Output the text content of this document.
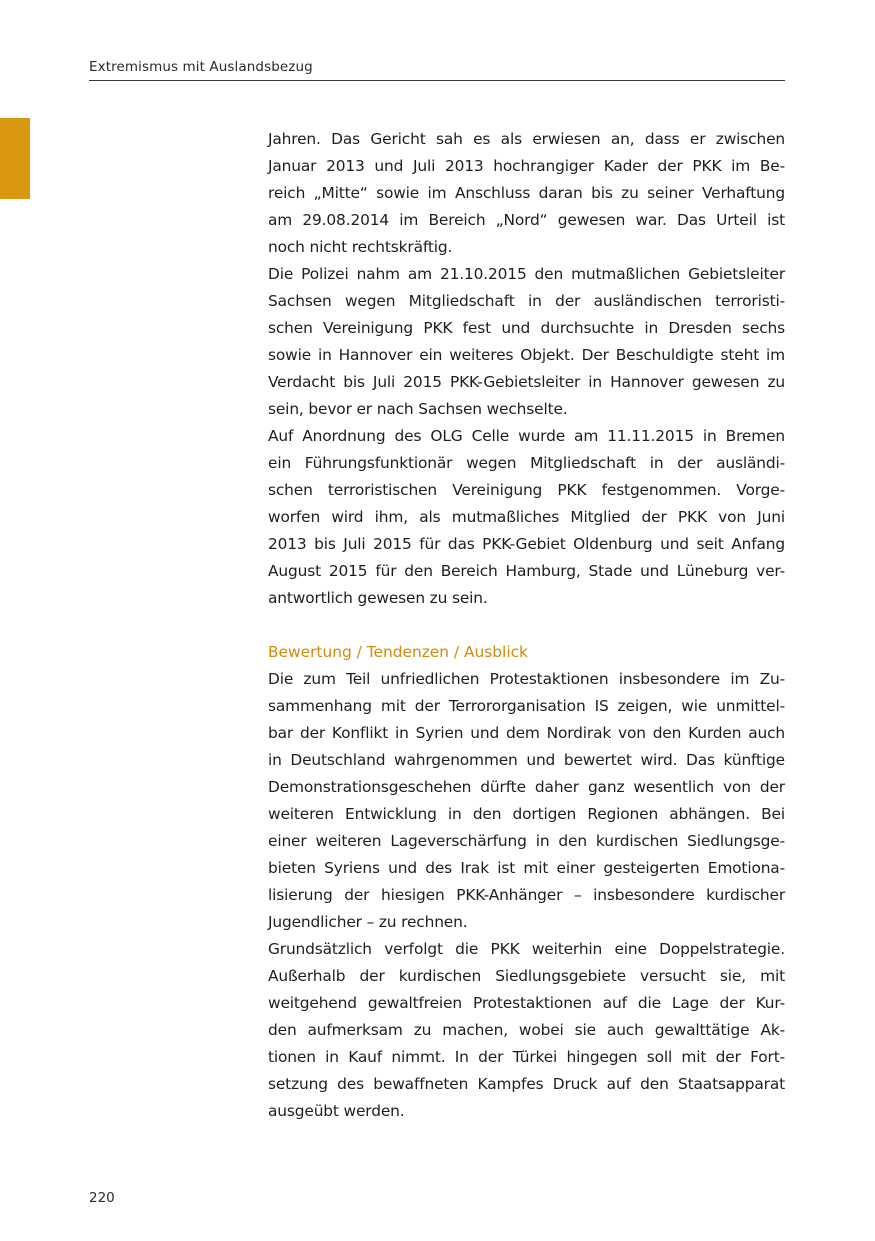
Extremismus mit Auslandsbezug

Jahren. Das Gericht sah es als erwiesen an, dass er zwischen
Januar 2013 und Juli 2013 hochrangiger Kader der PKK im Be-
reich „Mitte“ sowie im Anschluss daran bis zu seiner Verhaftung
am 29.08.2014 im Bereich „Nord“ gewesen war. Das Urteil ist
noch nicht rechtskräftig.

Die Polizei nahm am 21.10.2015 den mutmaßlichen Gebietsleiter
Sachsen wegen Mitgliedschaft in der ausländischen terroristi-
schen Vereinigung PKK fest und durchsuchte in Dresden sechs
sowie in Hannover ein weiteres Objekt. Der Beschuldigte steht im
Verdacht bis Juli 2015 PKK-Gebietsleiter in Hannover gewesen zu
sein, bevor er nach Sachsen wechselte.

Auf Anordnung des OLG Celle wurde am 11.11.2015 in Bremen
ein Führungsfunktionär wegen Mitgliedschaft in der ausländi-
schen terroristischen Vereinigung PKK festgenommen. Vorge-
worfen wird ihm, als mutmaßliches Mitglied der PKK von Juni
2013 bis Juli 2015 für das PKK-Gebiet Oldenburg und seit Anfang
August 2015 für den Bereich Hamburg, Stade und Lüneburg ver-
antwortlich gewesen zu sein.

Bewertung / Tendenzen / Ausblick

Die zum Teil unfriedlichen Protestaktionen insbesondere im Zu-
sammenhang mit der Terrororganisation IS zeigen, wie unmittel-
bar der Konflikt in Syrien und dem Nordirak von den Kurden auch
in Deutschland wahrgenommen und bewertet wird. Das künftige
Demonstrationsgeschehen dürfte daher ganz wesentlich von der
weiteren Entwicklung in den dortigen Regionen abhängen. Bei
einer weiteren Lageverschärfung in den kurdischen Siedlungsge-
bieten Syriens und des Irak ist mit einer gesteigerten Emotiona-
lisierung der hiesigen PKK-Anhänger – insbesondere kurdischer
Jugendlicher – zu rechnen.

Grundsätzlich verfolgt die PKK weiterhin eine Doppelstrategie.
Außerhalb der kurdischen Siedlungsgebiete versucht sie, mit
weitgehend gewaltfreien Protestaktionen auf die Lage der Kur-
den aufmerksam zu machen, wobei sie auch gewalttätige Ak-
tionen in Kauf nimmt. In der Türkei hingegen soll mit der Fort-
setzung des bewaffneten Kampfes Druck auf den Staatsapparat
ausgeübt werden.

220
